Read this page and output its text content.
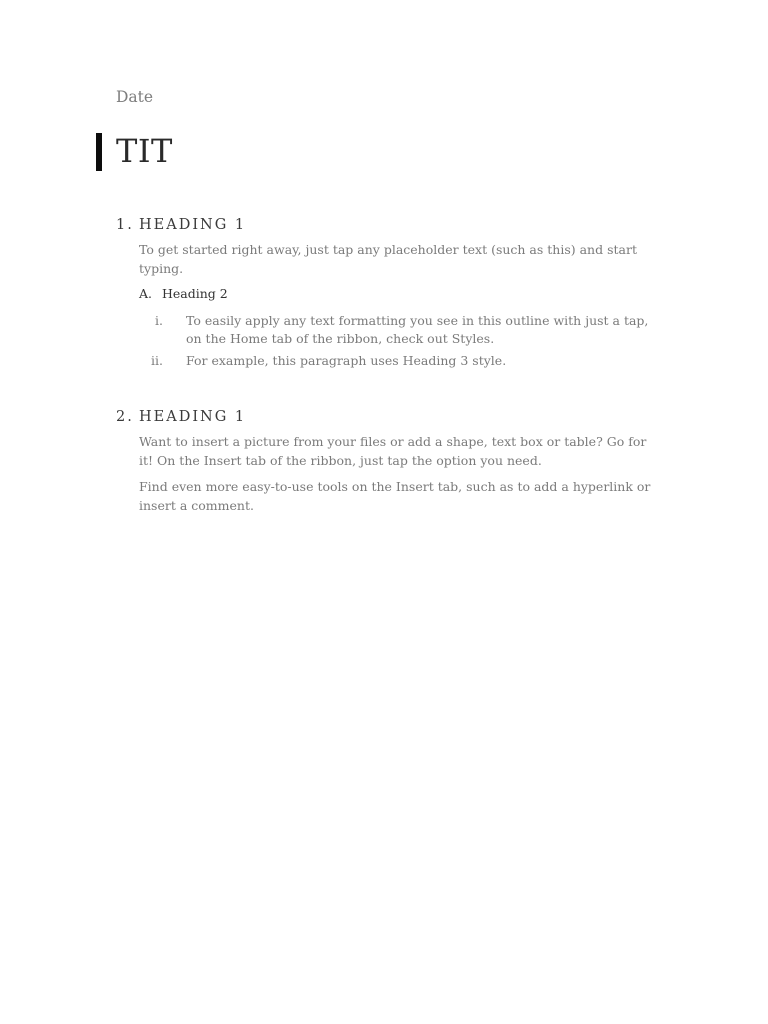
Date
TIT
1. HEADING 1
To get started right away, just tap any placeholder text (such as this) and start typing.
A. Heading 2
i. To easily apply any text formatting you see in this outline with just a tap, on the Home tab of the ribbon, check out Styles.
ii. For example, this paragraph uses Heading 3 style.
2. HEADING 1
Want to insert a picture from your files or add a shape, text box or table? Go for it! On the Insert tab of the ribbon, just tap the option you need.
Find even more easy-to-use tools on the Insert tab, such as to add a hyperlink or insert a comment.
